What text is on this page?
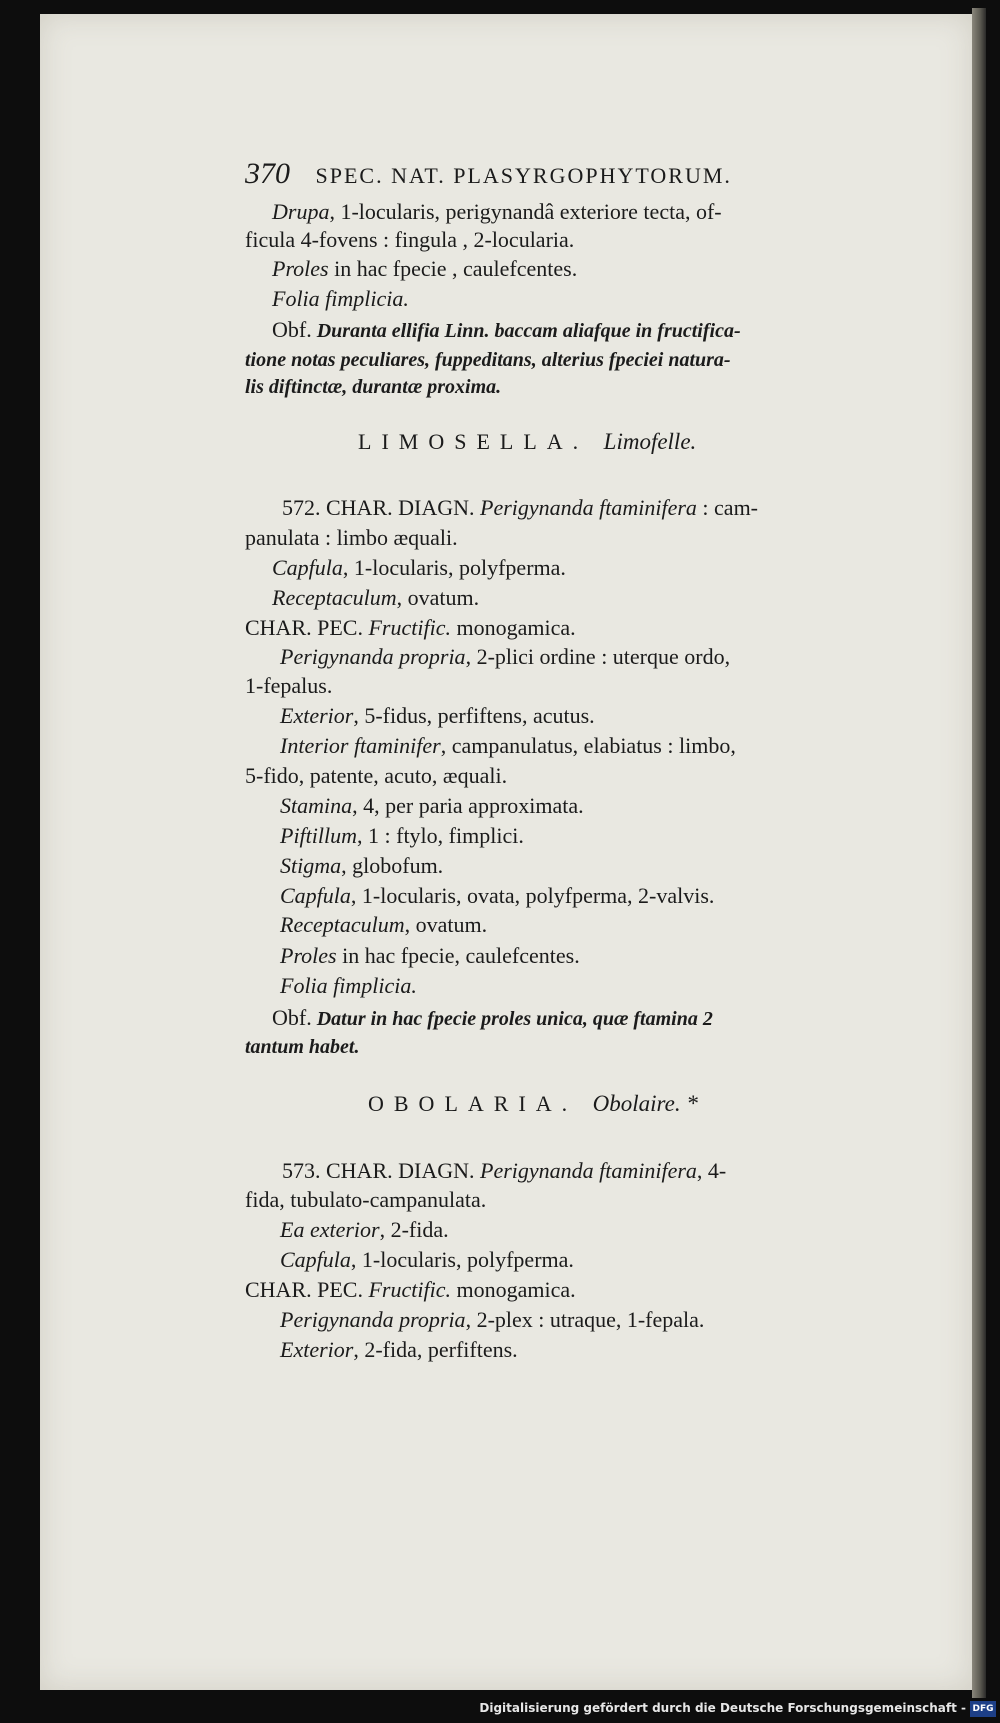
370 SPEC. NAT. PLASYRGOPHYTORUM.
Drupa, 1-locularis, perigynandâ exteriore tecta, of-
ficula 4-fovens : fingula , 2-locularia.
Proles in hac fpecie , caulefcentes.
Folia fimplicia.
Obf. Duranta ellifia Linn. baccam aliafque in fructifica-
tione notas peculiares, fuppeditans, alterius fpeciei natura-
lis diftinctæ, durantæ proxima.
LIMOSELLA. Limofelle.
572. CHAR. DIAGN. Perigynanda ftaminifera : cam-
panulata : limbo æquali.
Capfula, 1-locularis, polyfperma.
Receptaculum, ovatum.
CHAR. PEC. Fructific. monogamica.
Perigynanda propria, 2-plici ordine : uterque ordo,
1-fepalus.
Exterior, 5-fidus, perfiftens, acutus.
Interior ftaminifer, campanulatus, elabiatus : limbo,
5-fido, patente, acuto, æquali.
Stamina, 4, per paria approximata.
Piftillum, 1 : ftylo, fimplici.
Stigma, globofum.
Capfula, 1-locularis, ovata, polyfperma, 2-valvis.
Receptaculum, ovatum.
Proles in hac fpecie, caulefcentes.
Folia fimplicia.
Obf. Datur in hac fpecie proles unica, quæ ftamina 2
tantum habet.
OBOLARIA. Obolaire. *
573. CHAR. DIAGN. Perigynanda ftaminifera, 4-
fida, tubulato-campanulata.
Ea exterior, 2-fida.
Capfula, 1-locularis, polyfperma.
CHAR. PEC. Fructific. monogamica.
Perigynanda propria, 2-plex : utraque, 1-fepala.
Exterior, 2-fida, perfiftens.
Digitalisierung gefördert durch die Deutsche Forschungsgemeinschaft - DFG
